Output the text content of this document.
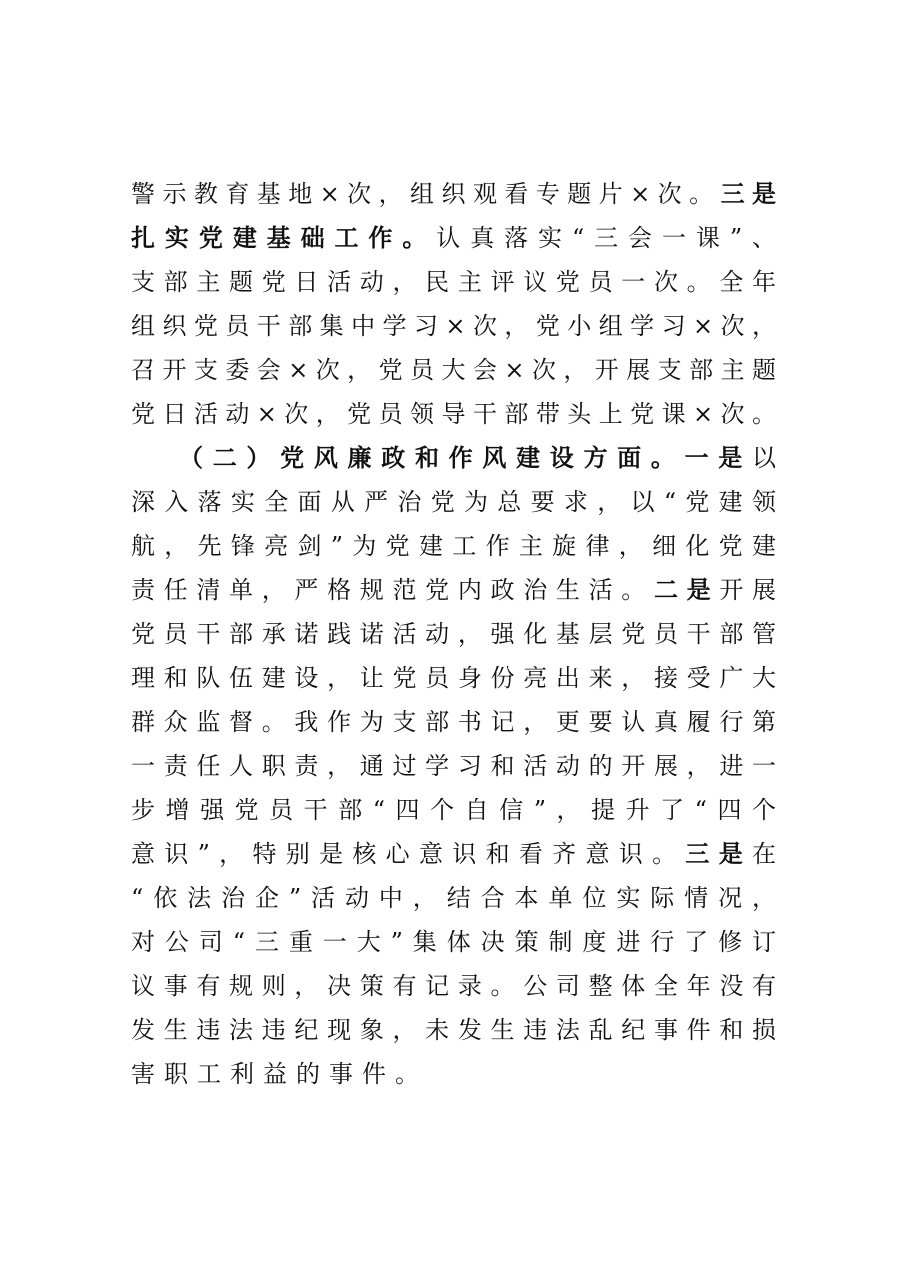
警示教育基地×次，组织观看专题片×次。三是
扎实党建基础工作。认真落实“三会一课”、
支部主题党日活动，民主评议党员一次。全年
组织党员干部集中学习×次，党小组学习×次，
召开支委会×次，党员大会×次，开展支部主题
党日活动×次，党员领导干部带头上党课×次。
（二）党风廉政和作风建设方面。一是以
深入落实全面从严治党为总要求，以“党建领
航，先锋亮剑”为党建工作主旋律，细化党建
责任清单，严格规范党内政治生活。二是开展
党员干部承诺践诺活动，强化基层党员干部管
理和队伍建设，让党员身份亮出来，接受广大
群众监督。我作为支部书记，更要认真履行第
一责任人职责，通过学习和活动的开展，进一
步增强党员干部“四个自信”，提升了“四个
意识”，特别是核心意识和看齐意识。三是在
“依法治企”活动中，结合本单位实际情况，
对公司“三重一大”集体决策制度进行了修订
议事有规则，决策有记录。公司整体全年没有
发生违法违纪现象，未发生违法乱纪事件和损
害职工利益的事件。
